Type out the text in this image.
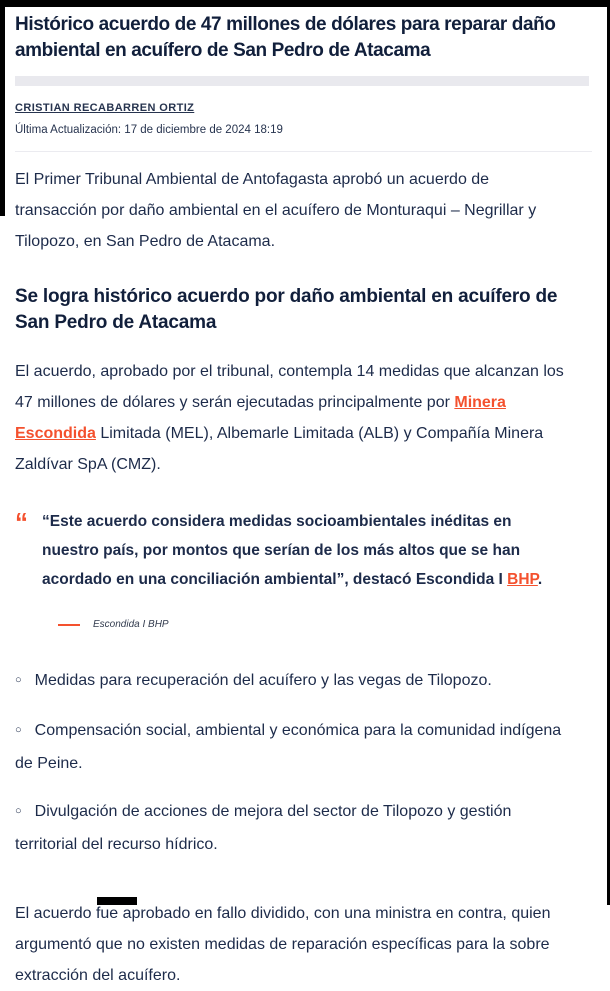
Histórico acuerdo de 47 millones de dólares para reparar daño ambiental en acuífero de San Pedro de Atacama
CRISTIAN RECABARREN ORTIZ
Última Actualización: 17 de diciembre de 2024 18:19

El Primer Tribunal Ambiental de Antofagasta aprobó un acuerdo de transacción por daño ambiental en el acuífero de Monturaqui – Negrillar y Tilopozo, en San Pedro de Atacama.

Se logra histórico acuerdo por daño ambiental en acuífero de San Pedro de Atacama

El acuerdo, aprobado por el tribunal, contempla 14 medidas que alcanzan los 47 millones de dólares y serán ejecutadas principalmente por Minera Escondida Limitada (MEL), Albemarle Limitada (ALB) y Compañía Minera Zaldívar SpA (CMZ).

“	“Este acuerdo considera medidas socioambientales inéditas en nuestro país, por montos que serían de los más altos que se han acordado en una conciliación ambiental”, destacó Escondida I BHP.
Escondida I BHP
○ Medidas para recuperación del acuífero y las vegas de Tilopozo.
○ Compensación social, ambiental y económica para la comunidad indígena de Peine.
○ Divulgación de acciones de mejora del sector de Tilopozo y gestión territorial del recurso hídrico.

El acuerdo fue aprobado en fallo dividido, con una ministra en contra, quien argumentó que no existen medidas de reparación específicas para la sobre extracción del acuífero.
